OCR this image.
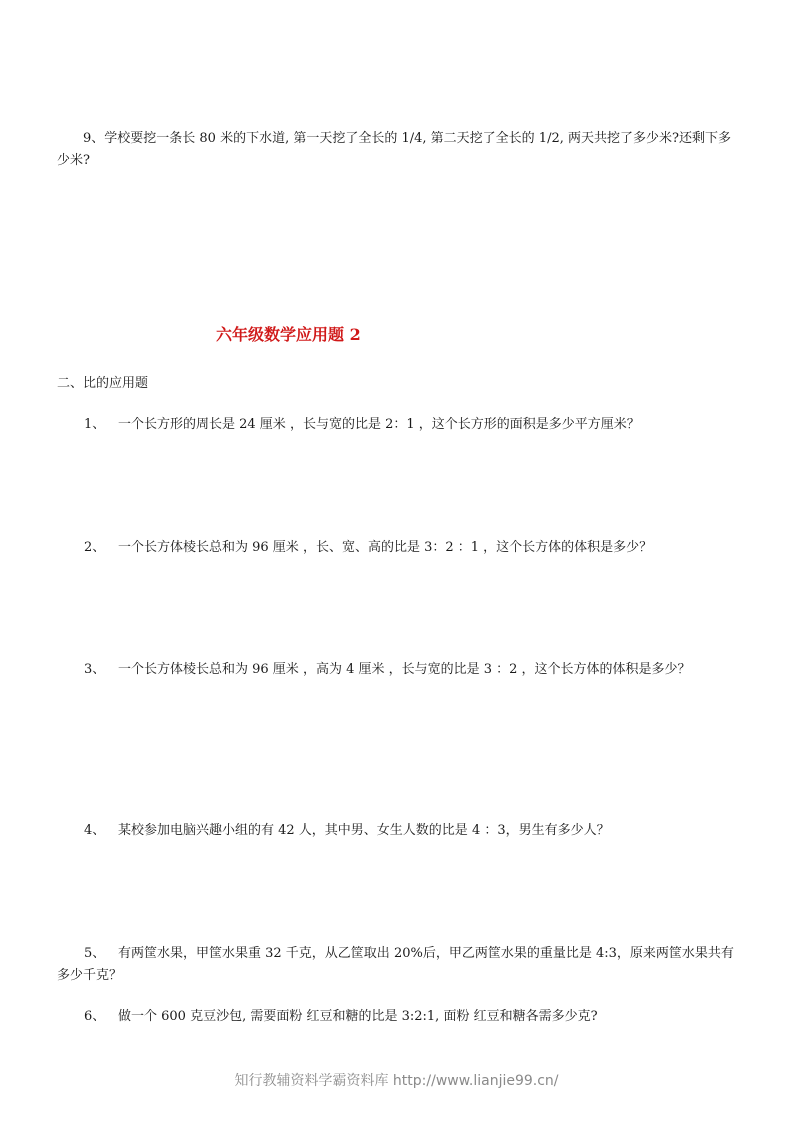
9、学校要挖一条长 80 米的下水道, 第一天挖了全长的 1/4, 第二天挖了全长的 1/2, 两天共挖了多少米?还剩下多少米?
六年级数学应用题 2
二、比的应用题
1、 一个长方形的周长是 24 厘米 ，长与宽的比是 2：1 ，这个长方形的面积是多少平方厘米？
2、 一个长方体棱长总和为 96 厘米 ，长、宽、高的比是 3：2 ：1 ，这个长方体的体积是多少？
3、 一个长方体棱长总和为 96 厘米 ，高为 4 厘米 ，长与宽的比是 3 ：2 ，这个长方体的体积是多少？
4、 某校参加电脑兴趣小组的有 42 人，其中男、女生人数的比是 4 ：3，男生有多少人？
5、 有两筐水果，甲筐水果重 32 千克，从乙筐取出 20%后，甲乙两筐水果的重量比是 4:3，原来两筐水果共有多少千克？
6、 做一个 600 克豆沙包, 需要面粉 红豆和糖的比是 3:2:1, 面粉 红豆和糖各需多少克?
知行教辅资料学霸资料库 http://www.lianjie99.cn/
